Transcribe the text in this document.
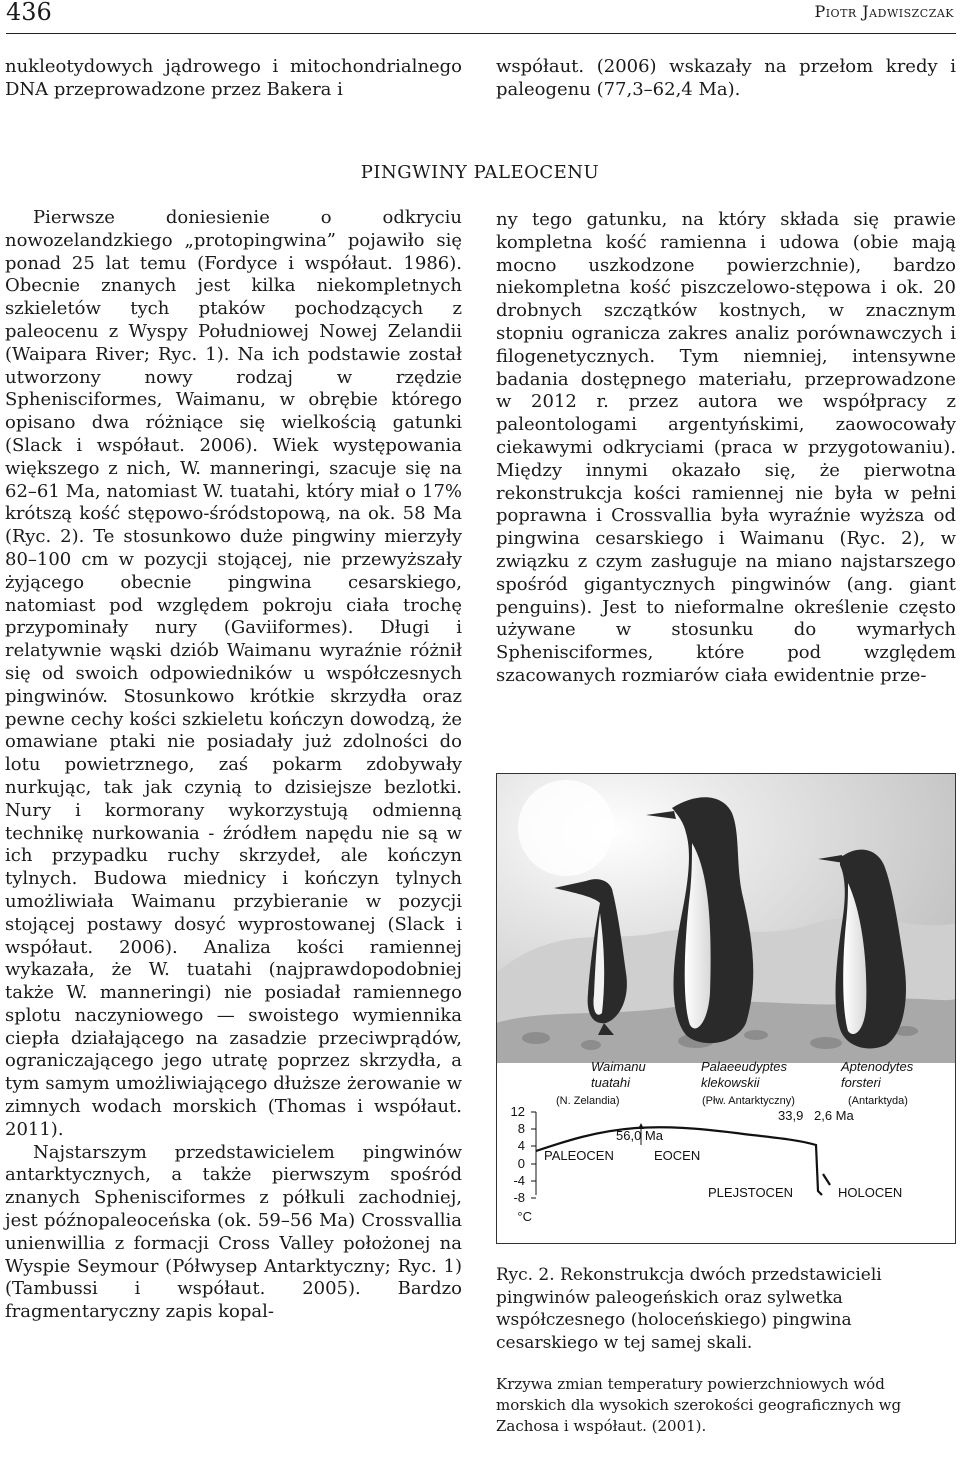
436	Piotr Jadwiszczak

nukleotydowych jądrowego i mitochondrialnego DNA przeprowadzone przez Bakera i

współaut. (2006) wskazały na przełom kredy i paleogenu (77,3–62,4 Ma).

PINGWINY PALEOCENU

Pierwsze doniesienie o odkryciu nowozelandzkiego „protopingwina” pojawiło się ponad 25 lat temu (Fordyce i współaut. 1986). Obecnie znanych jest kilka niekompletnych szkieletów tych ptaków pochodzących z paleocenu z Wyspy Południowej Nowej Zelandii (Waipara River; Ryc. 1). Na ich podstawie został utworzony nowy rodzaj w rzędzie Sphenisciformes, Waimanu, w obrębie którego opisano dwa różniące się wielkością gatunki (Slack i współaut. 2006). Wiek występowania większego z nich, W. manneringi, szacuje się na 62–61 Ma, natomiast W. tuatahi, który miał o 17% krótszą kość stępowo-śródstopową, na ok. 58 Ma (Ryc. 2). Te stosunkowo duże pingwiny mierzyły 80–100 cm w pozycji stojącej, nie przewyższały żyjącego obecnie pingwina cesarskiego, natomiast pod względem pokroju ciała trochę przypominały nury (Gaviiformes). Długi i relatywnie wąski dziób Waimanu wyraźnie różnił się od swoich odpowiedników u współczesnych pingwinów. Stosunkowo krótkie skrzydła oraz pewne cechy kości szkieletu kończyn dowodzą, że omawiane ptaki nie posiadały już zdolności do lotu powietrznego, zaś pokarm zdobywały nurkując, tak jak czynią to dzisiejsze bezlotki. Nury i kormorany wykorzystują odmienną technikę nurkowania - źródłem napędu nie są w ich przypadku ruchy skrzydeł, ale kończyn tylnych. Budowa miednicy i kończyn tylnych umożliwiała Waimanu przybieranie w pozycji stojącej postawy dosyć wyprostowanej (Slack i współaut. 2006). Analiza kości ramiennej wykazała, że W. tuatahi (najprawdopodobniej także W. manneringi) nie posiadał ramiennego splotu naczyniowego — swoistego wymiennika ciepła działającego na zasadzie przeciwprądów, ograniczającego jego utratę poprzez skrzydła, a tym samym umożliwiającego dłuższe żerowanie w zimnych wodach morskich (Thomas i współaut. 2011).

Najstarszym przedstawicielem pingwinów antarktycznych, a także pierwszym spośród znanych Sphenisciformes z półkuli zachodniej, jest późnopaleoceńska (ok. 59–56 Ma) Crossvallia unienwillia z formacji Cross Valley położonej na Wyspie Seymour (Półwysep Antarktyczny; Ryc. 1) (Tambussi i współaut. 2005). Bardzo fragmentaryczny zapis kopal-

ny tego gatunku, na który składa się prawie kompletna kość ramienna i udowa (obie mają mocno uszkodzone powierzchnie), bardzo niekompletna kość piszczelowo-stępowa i ok. 20 drobnych szczątków kostnych, w znacznym stopniu ogranicza zakres analiz porównawczych i filogenetycznych. Tym niemniej, intensywne badania dostępnego materiału, przeprowadzone w 2012 r. przez autora we współpracy z paleontologami argentyńskimi, zaowocowały ciekawymi odkryciami (praca w przygotowaniu). Między innymi okazało się, że pierwotna rekonstrukcja kości ramiennej nie była w pełni poprawna i Crossvallia była wyraźnie wyższa od pingwina cesarskiego i Waimanu (Ryc. 2), w związku z czym zasługuje na miano najstarszego spośród gigantycznych pingwinów (ang. giant penguins). Jest to nieformalne określenie często używane w stosunku do wymarłych Sphenisciformes, które pod względem szacowanych rozmiarów ciała ewidentnie prze-

Waimanu
tuatahi
(N. Zelandia)
Palaeeudyptes
klekowskii
(Płw. Antarktyczny)
Aptenodytes
forsteri
(Antarktyda)
12
8
4
0
-4
-8
°C
56,0 Ma
33,9 2,6 Ma
PALEOCEN	EOCEN
PLEJSTOCEN	HOLOCEN
Ryc. 2. Rekonstrukcja dwóch przedstawicieli pingwinów paleogeńskich oraz sylwetka współczesnego (holoceńskiego) pingwina cesarskiego w tej samej skali.
Krzywa zmian temperatury powierzchniowych wód morskich dla wysokich szerokości geograficznych wg Zachosa i współaut. (2001).
